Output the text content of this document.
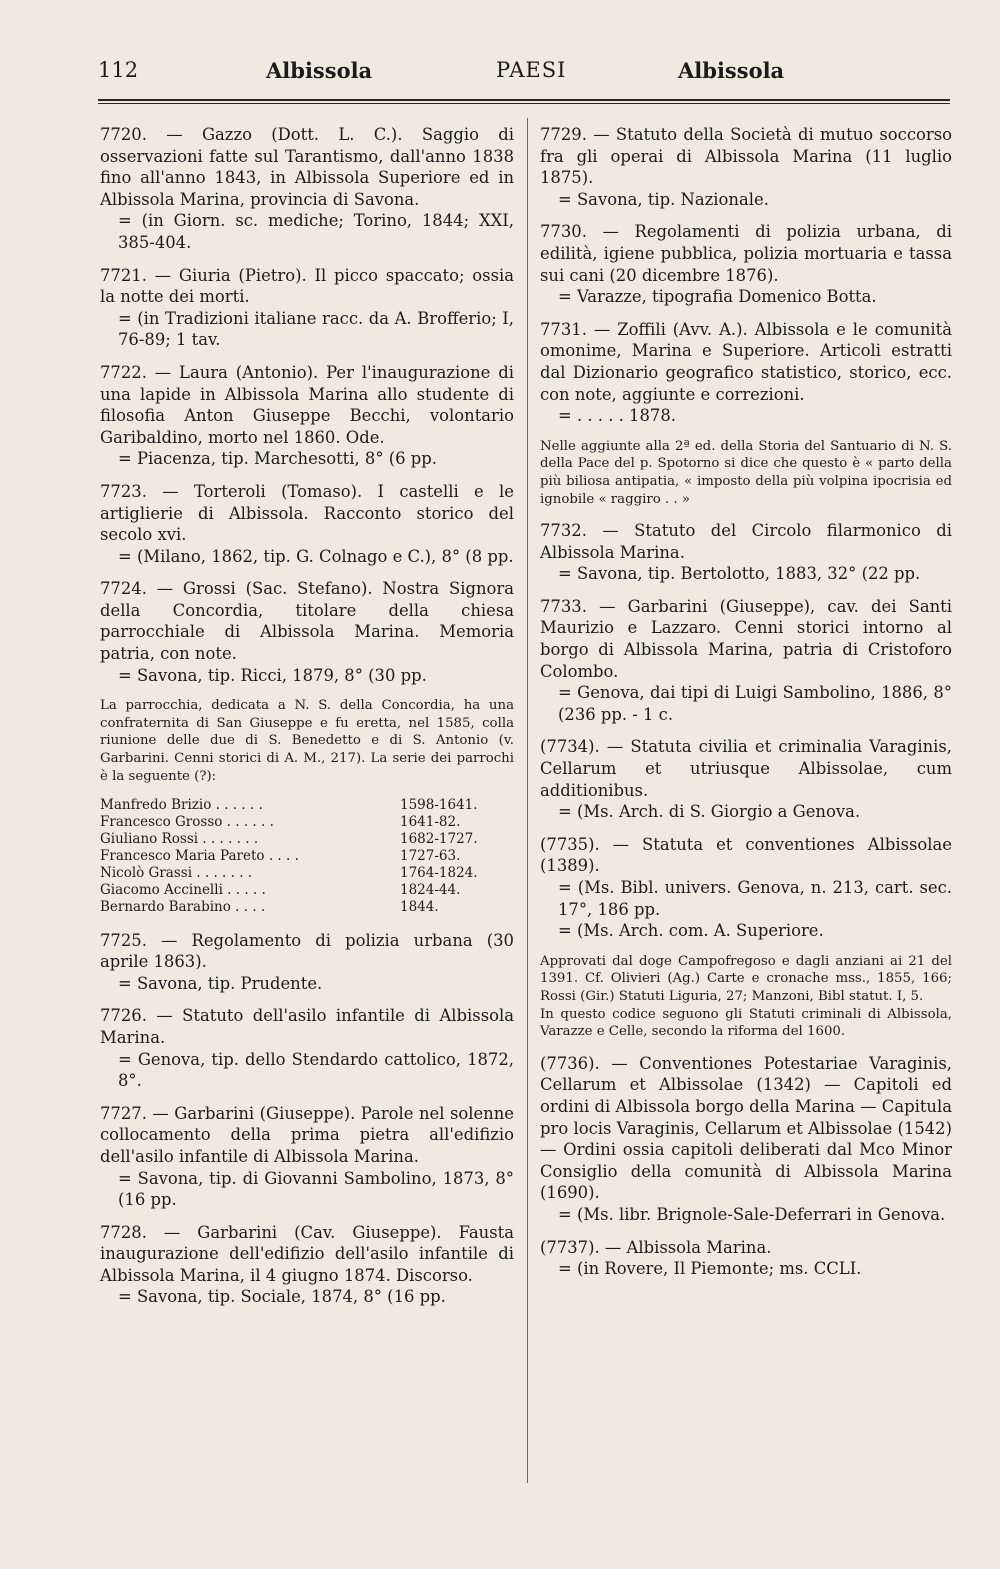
112	Albissola	PAESI	Albissola

7720. — Gazzo (Dott. L. C.). Saggio di osservazioni fatte sul Tarantismo, dall'anno 1838 fino all'anno 1843, in Albissola Superiore ed in Albissola Marina, provincia di Savona.

= (in Giorn. sc. mediche; Torino, 1844; XXI, 385-404.

7721. — Giuria (Pietro). Il picco spaccato; ossia la notte dei morti.

= (in Tradizioni italiane racc. da A. Brofferio; I, 76-89; 1 tav.

7722. — Laura (Antonio). Per l'inaugurazione di una lapide in Albissola Marina allo studente di filosofia Anton Giuseppe Becchi, volontario Garibaldino, morto nel 1860. Ode.

= Piacenza, tip. Marchesotti, 8° (6 pp.

7723. — Torteroli (Tomaso). I castelli e le artiglierie di Albissola. Racconto storico del secolo xvi.

= (Milano, 1862, tip. G. Colnago e C.), 8° (8 pp.

7724. — Grossi (Sac. Stefano). Nostra Signora della Concordia, titolare della chiesa parrocchiale di Albissola Marina. Memoria patria, con note.

= Savona, tip. Ricci, 1879, 8° (30 pp.

La parrocchia, dedicata a N. S. della Concordia, ha una confraternita di San Giuseppe e fu eretta, nel 1585, colla riunione delle due di S. Benedetto e di S. Antonio (v. Garbarini. Cenni storici di A. M., 217). La serie dei parrochi è la seguente (?):

Manfredo Brizio . . . . . .	1598-1641.
Francesco Grosso . . . . . .	1641-82.
Giuliano Rossi . . . . . . .	1682-1727.
Francesco Maria Pareto . . . .	1727-63.
Nicolò Grassi . . . . . . .	1764-1824.
Giacomo Accinelli . . . . .	1824-44.
Bernardo Barabino . . . .	1844.

7725. — Regolamento di polizia urbana (30 aprile 1863).

= Savona, tip. Prudente.

7726. — Statuto dell'asilo infantile di Albissola Marina.

= Genova, tip. dello Stendardo cattolico, 1872, 8°.

7727. — Garbarini (Giuseppe). Parole nel solenne collocamento della prima pietra all'edifizio dell'asilo infantile di Albissola Marina.

= Savona, tip. di Giovanni Sambolino, 1873, 8° (16 pp.

7728. — Garbarini (Cav. Giuseppe). Fausta inaugurazione dell'edifizio dell'asilo infantile di Albissola Marina, il 4 giugno 1874. Discorso.

= Savona, tip. Sociale, 1874, 8° (16 pp.

7729. — Statuto della Società di mutuo soccorso fra gli operai di Albissola Marina (11 luglio 1875).

= Savona, tip. Nazionale.

7730. — Regolamenti di polizia urbana, di edilità, igiene pubblica, polizia mortuaria e tassa sui cani (20 dicembre 1876).

= Varazze, tipografia Domenico Botta.

7731. — Zoffili (Avv. A.). Albissola e le comunità omonime, Marina e Superiore. Articoli estratti dal Dizionario geografico statistico, storico, ecc. con note, aggiunte e correzioni.

= . . . . . 1878.

Nelle aggiunte alla 2ª ed. della Storia del Santuario di N. S. della Pace del p. Spotorno si dice che questo è « parto della più biliosa antipatia, « imposto della più volpina ipocrisia ed ignobile « raggiro . . »

7732. — Statuto del Circolo filarmonico di Albissola Marina.

= Savona, tip. Bertolotto, 1883, 32° (22 pp.

7733. — Garbarini (Giuseppe), cav. dei Santi Maurizio e Lazzaro. Cenni storici intorno al borgo di Albissola Marina, patria di Cristoforo Colombo.

= Genova, dai tipi di Luigi Sambolino, 1886, 8° (236 pp. - 1 c.

(7734). — Statuta civilia et criminalia Varaginis, Cellarum et utriusque Albissolae, cum additionibus.

= (Ms. Arch. di S. Giorgio a Genova.

(7735). — Statuta et conventiones Albissolae (1389).

= (Ms. Bibl. univers. Genova, n. 213, cart. sec. 17°, 186 pp.

= (Ms. Arch. com. A. Superiore.

Approvati dal doge Campofregoso e dagli anziani ai 21 del 1391. Cf. Olivieri (Ag.) Carte e cronache mss., 1855, 166; Rossi (Gir.) Statuti Liguria, 27; Manzoni, Bibl statut. I, 5.

In questo codice seguono gli Statuti criminali di Albissola, Varazze e Celle, secondo la riforma del 1600.

(7736). — Conventiones Potestariae Varaginis, Cellarum et Albissolae (1342) — Capitoli ed ordini di Albissola borgo della Marina — Capitula pro locis Varaginis, Cellarum et Albissolae (1542) — Ordini ossia capitoli deliberati dal Mco Minor Consiglio della comunità di Albissola Marina (1690).

= (Ms. libr. Brignole-Sale-Deferrari in Genova.

(7737). — Albissola Marina.

= (in Rovere, Il Piemonte; ms. CCLI.
